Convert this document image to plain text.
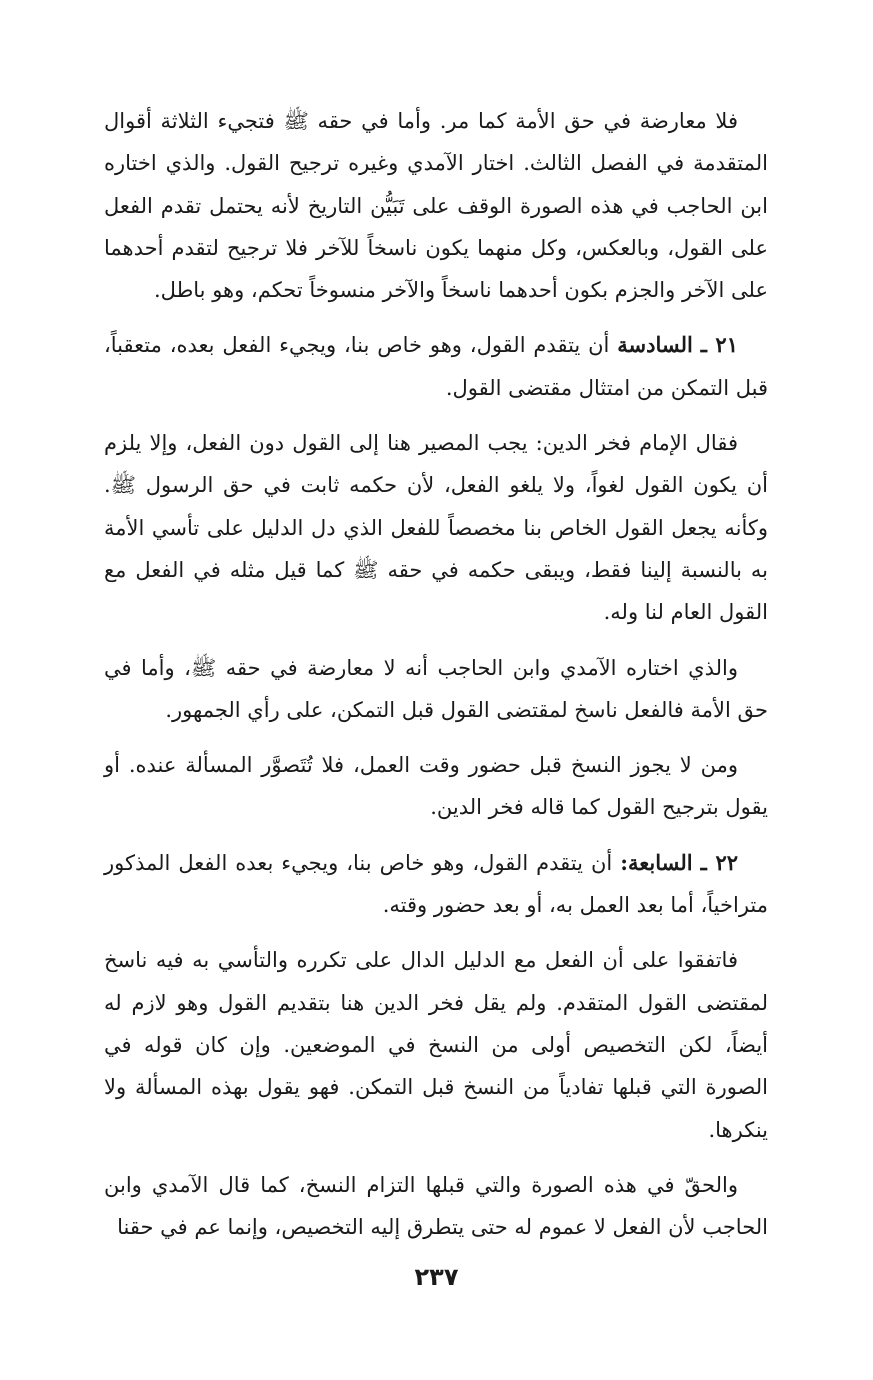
فلا معارضة في حق الأمة كما مر. وأما في حقه ﷺ فتجيء الثلاثة أقوال المتقدمة في الفصل الثالث. اختار الآمدي وغيره ترجيح القول. والذي اختاره ابن الحاجب في هذه الصورة الوقف على تَبَيُّن التاريخ لأنه يحتمل تقدم الفعل على القول، وبالعكس، وكل منهما يكون ناسخاً للآخر فلا ترجيح لتقدم أحدهما على الآخر والجزم بكون أحدهما ناسخاً والآخر منسوخاً تحكم، وهو باطل.

٢١ ـ السادسة أن يتقدم القول، وهو خاص بنا، ويجيء الفعل بعده، متعقباً، قبل التمكن من امتثال مقتضى القول.

فقال الإمام فخر الدين: يجب المصير هنا إلى القول دون الفعل، وإلا يلزم أن يكون القول لغواً، ولا يلغو الفعل، لأن حكمه ثابت في حق الرسول ﷺ. وكأنه يجعل القول الخاص بنا مخصصاً للفعل الذي دل الدليل على تأسي الأمة به بالنسبة إلينا فقط، ويبقى حكمه في حقه ﷺ كما قيل مثله في الفعل مع القول العام لنا وله.

والذي اختاره الآمدي وابن الحاجب أنه لا معارضة في حقه ﷺ، وأما في حق الأمة فالفعل ناسخ لمقتضى القول قبل التمكن، على رأي الجمهور.

ومن لا يجوز النسخ قبل حضور وقت العمل، فلا تُتَصوَّر المسألة عنده. أو يقول بترجيح القول كما قاله فخر الدين.

٢٢ ـ السابعة: أن يتقدم القول، وهو خاص بنا، ويجيء بعده الفعل المذكور متراخياً، أما بعد العمل به، أو بعد حضور وقته.

فاتفقوا على أن الفعل مع الدليل الدال على تكرره والتأسي به فيه ناسخ لمقتضى القول المتقدم. ولم يقل فخر الدين هنا بتقديم القول وهو لازم له أيضاً، لكن التخصيص أولى من النسخ في الموضعين. وإن كان قوله في الصورة التي قبلها تفادياً من النسخ قبل التمكن. فهو يقول بهذه المسألة ولا ينكرها.

والحقّ في هذه الصورة والتي قبلها التزام النسخ، كما قال الآمدي وابن الحاجب لأن الفعل لا عموم له حتى يتطرق إليه التخصيص، وإنما عم في حقنا

٢٣٧
